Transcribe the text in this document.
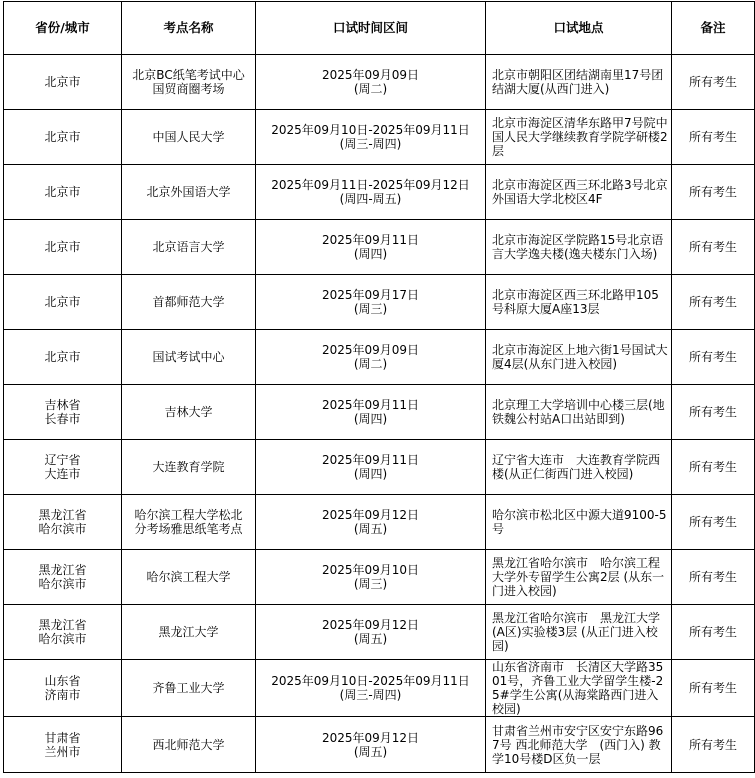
省份/城市	考点名称	口试时间区间	口试地点	备注

北京市	北京BC纸笔考试中心
国贸商圈考场	2025年09月09日
(周二)	北京市朝阳区团结湖南里17号团结湖大厦(从西门进入)	所有考生

北京市	中国人民大学	2025年09月10日-2025年09月11日
(周三-周四)	北京市海淀区清华东路甲7号院中国人民大学继续教育学院学研楼2层	所有考生

北京市	北京外国语大学	2025年09月11日-2025年09月12日
(周四-周五)	北京市海淀区西三环北路3号北京外国语大学北校区4F	所有考生

北京市	北京语言大学	2025年09月11日
(周四)	北京市海淀区学院路15号北京语言大学逸夫楼(逸夫楼东门入场)	所有考生

北京市	首都师范大学	2025年09月17日
(周三)	北京市海淀区西三环北路甲105号科原大厦A座13层	所有考生

北京市	国试考试中心	2025年09月09日
(周二)	北京市海淀区上地六街1号国试大厦4层(从东门进入校园)	所有考生

吉林省
长春市	吉林大学	2025年09月11日
(周四)	北京理工大学培训中心楼三层(地铁魏公村站A口出站即到)	所有考生

辽宁省
大连市	大连教育学院	2025年09月11日
(周四)	辽宁省大连市　大连教育学院西楼(从正仁街西门进入校园)	所有考生

黑龙江省
哈尔滨市	哈尔滨工程大学松北
分考场雅思纸笔考点	2025年09月12日
(周五)	哈尔滨市松北区中源大道9100-5号	所有考生

黑龙江省
哈尔滨市	哈尔滨工程大学	2025年09月10日
(周三)	黑龙江省哈尔滨市　哈尔滨工程大学外专留学生公寓2层 (从东一门进入校园)	所有考生

黑龙江省
哈尔滨市	黑龙江大学	2025年09月12日
(周五)	黑龙江省哈尔滨市　黑龙江大学(A区)实验楼3层 (从正门进入校园)	所有考生

山东省
济南市	齐鲁工业大学	2025年09月10日-2025年09月11日
(周三-周四)	山东省济南市　长清区大学路3501号，齐鲁工业大学留学生楼-25#学生公寓(从海棠路西门进入校园)	所有考生

甘肃省
兰州市	西北师范大学	2025年09月12日
(周五)	甘肃省兰州市安宁区安宁东路967号 西北师范大学　(西门入) 教学10号楼D区负一层	所有考生
